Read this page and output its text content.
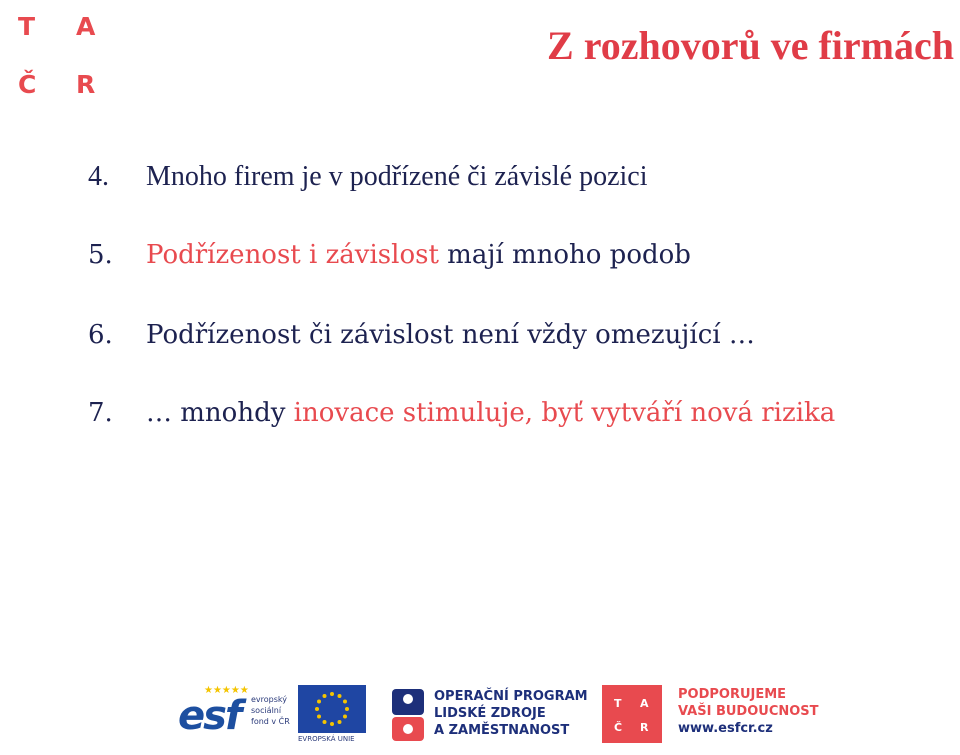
T A
Č R
Z rozhovorů ve firmách
4. Mnoho firem je v podřízené či závislé pozici
5. Podřízenost i závislost mají mnoho podob
6. Podřízenost či závislost není vždy omezující …
7. … mnohdy inovace stimuluje, byť vytváří nová rizika
★★★★★
esf evropský
sociální
fond v ČR
EVROPSKÁ UNIE
OPERAČNÍ PROGRAM
LIDSKÉ ZDROJE
A ZAMĚSTNANOST
T A
Č R
PODPORUJEME
VAŠI BUDOUCNOST
www.esfcr.cz
